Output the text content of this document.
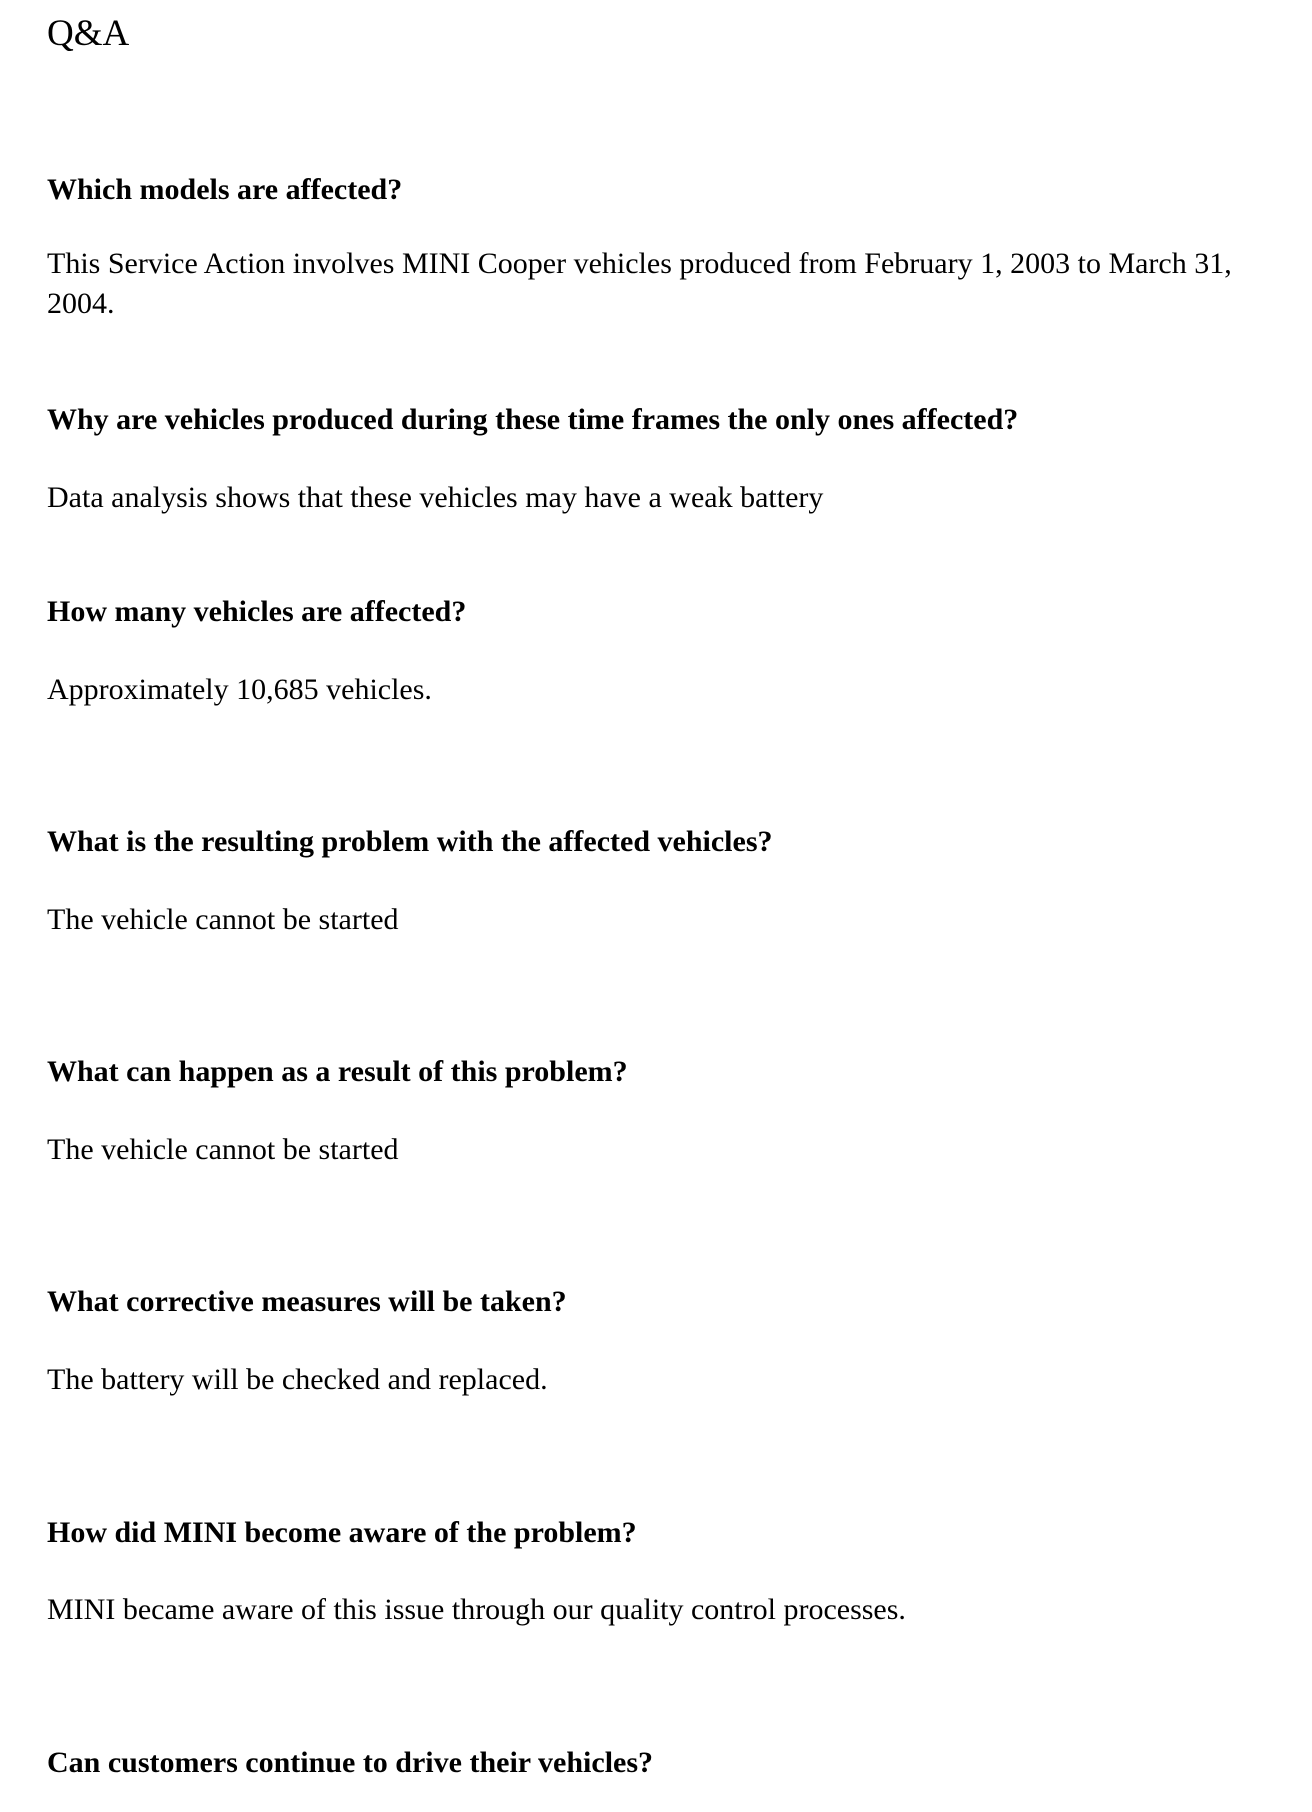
Q&A
Which models are affected?
This Service Action involves MINI Cooper vehicles produced from February 1, 2003 to March 31, 2004.
Why are vehicles produced during these time frames the only ones affected?
Data analysis shows that these vehicles may have a weak battery
How many vehicles are affected?
Approximately 10,685 vehicles.
What is the resulting problem with the affected vehicles?
The vehicle cannot be started
What can happen as a result of this problem?
The vehicle cannot be started
What corrective measures will be taken?
The battery will be checked and replaced.
How did MINI become aware of the problem?
MINI became aware of this issue through our quality control processes.
Can customers continue to drive their vehicles?
